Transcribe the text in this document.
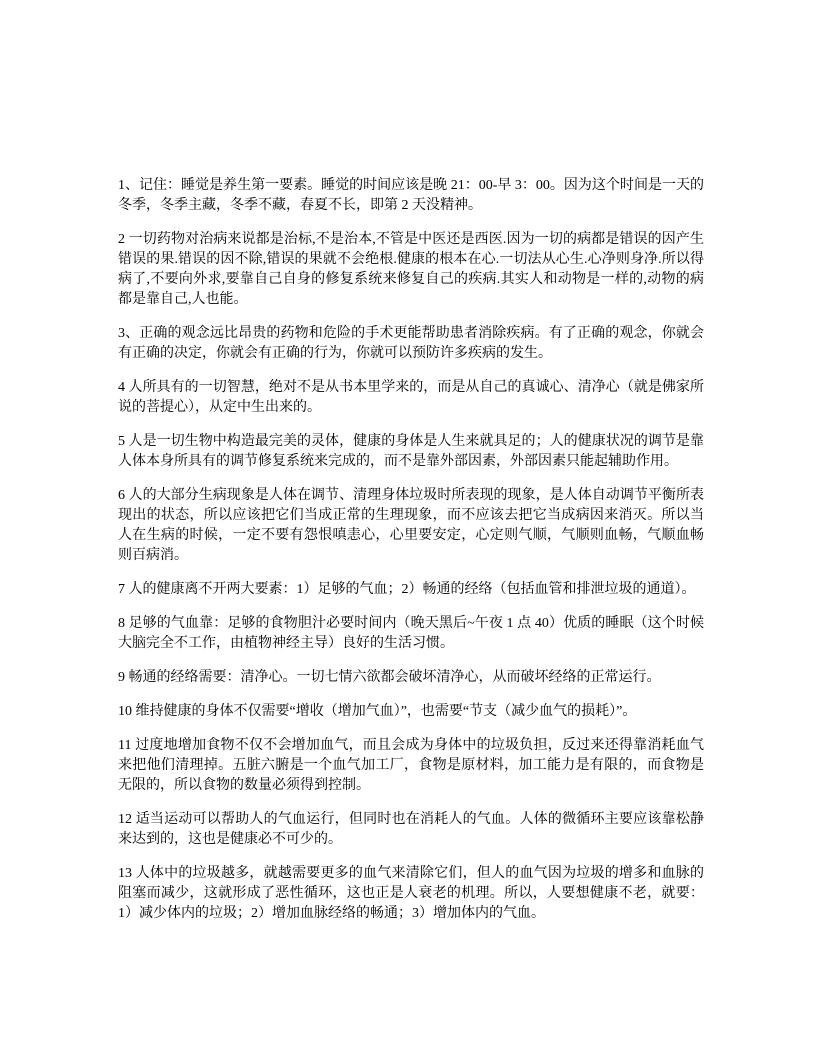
1、记住：睡觉是养生第一要素。睡觉的时间应该是晚 21：00-早 3：00。因为这个时间是一天的冬季，冬季主藏，冬季不藏，春夏不长，即第 2 天没精神。

2 一切药物对治病来说都是治标,不是治本,不管是中医还是西医.因为一切的病都是错误的因产生错误的果.错误的因不除,错误的果就不会绝根.健康的根本在心.一切法从心生.心净则身净.所以得病了,不要向外求,要靠自己自身的修复系统来修复自己的疾病.其实人和动物是一样的,动物的病都是靠自己,人也能。

3、正确的观念远比昂贵的药物和危险的手术更能帮助患者消除疾病。有了正确的观念，你就会有正确的决定，你就会有正确的行为，你就可以预防许多疾病的发生。

4 人所具有的一切智慧，绝对不是从书本里学来的，而是从自己的真诚心、清净心（就是佛家所说的菩提心），从定中生出来的。

5 人是一切生物中构造最完美的灵体，健康的身体是人生来就具足的；人的健康状况的调节是靠人体本身所具有的调节修复系统来完成的，而不是靠外部因素，外部因素只能起辅助作用。

6 人的大部分生病现象是人体在调节、清理身体垃圾时所表现的现象，是人体自动调节平衡所表现出的状态，所以应该把它们当成正常的生理现象，而不应该去把它当成病因来消灭。所以当人在生病的时候，一定不要有怨恨嗔恚心，心里要安定，心定则气顺，气顺则血畅，气顺血畅则百病消。

7 人的健康离不开两大要素：1）足够的气血；2）畅通的经络（包括血管和排泄垃圾的通道）。

8 足够的气血靠：足够的食物胆汁必要时间内（晚天黑后~午夜 1 点 40）优质的睡眠（这个时候大脑完全不工作，由植物神经主导）良好的生活习惯。

9 畅通的经络需要：清净心。一切七情六欲都会破坏清净心，从而破坏经络的正常运行。

10 维持健康的身体不仅需要“增收（增加气血）”，也需要“节支（减少血气的损耗）”。

11 过度地增加食物不仅不会增加血气，而且会成为身体中的垃圾负担，反过来还得靠消耗血气来把他们清理掉。五脏六腑是一个血气加工厂，食物是原材料，加工能力是有限的，而食物是无限的，所以食物的数量必须得到控制。

12 适当运动可以帮助人的气血运行，但同时也在消耗人的气血。人体的微循环主要应该靠松静来达到的，这也是健康必不可少的。

13 人体中的垃圾越多，就越需要更多的血气来清除它们，但人的血气因为垃圾的增多和血脉的阻塞而减少，这就形成了恶性循环，这也正是人衰老的机理。所以，人要想健康不老，就要：1）减少体内的垃圾；2）增加血脉经络的畅通；3）增加体内的气血。
